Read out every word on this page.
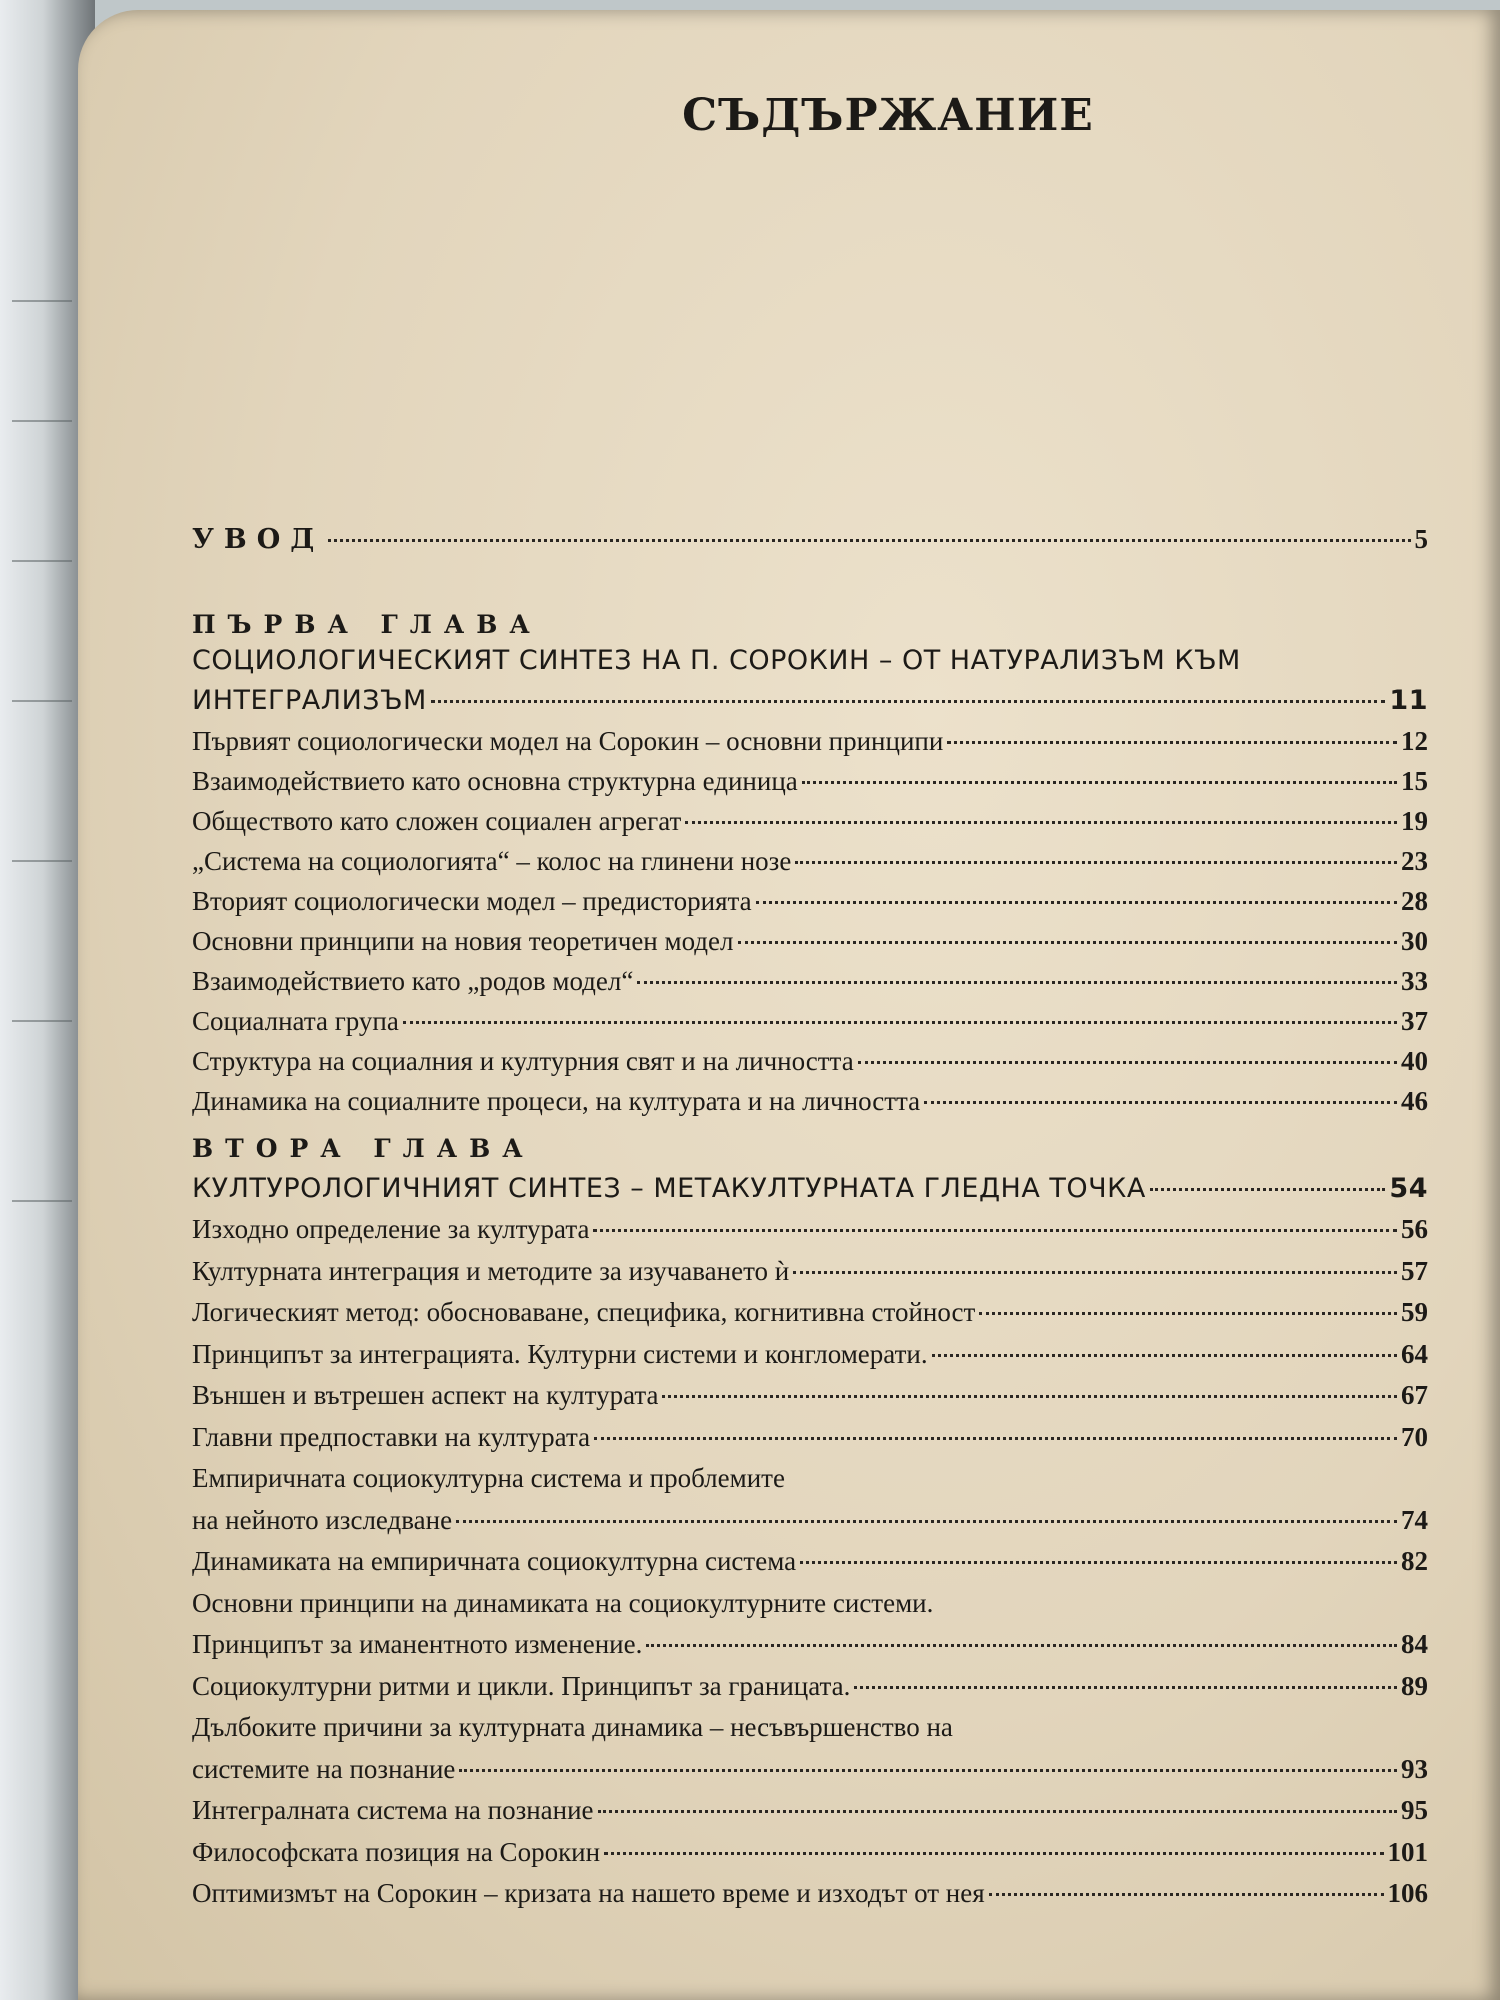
СЪДЪРЖАНИЕ
УВОД	5
ПЪРВА ГЛАВА
СОЦИОЛОГИЧЕСКИЯТ СИНТЕЗ НА П. СОРОКИН – ОТ НАТУРАЛИЗЪМ КЪМ
ИНТЕГРАЛИЗЪМ	11
Първият социологически модел на Сорокин – основни принципи	12
Взаимодействието като основна структурна единица	15
Обществото като сложен социален агрегат	19
„Система на социологията“ – колос на глинени нозе	23
Вторият социологически модел – предисторията	28
Основни принципи на новия теоретичен модел	30
Взаимодействието като „родов модел“	33
Социалната група	37
Структура на социалния и културния свят и на личността	40
Динамика на социалните процеси, на културата и на личността	46
ВТОРА ГЛАВА
КУЛТУРОЛОГИЧНИЯТ СИНТЕЗ – МЕТАКУЛТУРНАТА ГЛЕДНА ТОЧКА	54
Изходно определение за културата	56
Културната интеграция и методите за изучаването ѝ	57
Логическият метод: обосноваване, специфика, когнитивна стойност	59
Принципът за интеграцията. Културни системи и конгломерати.	64
Външен и вътрешен аспект на културата	67
Главни предпоставки на културата	70
Емпиричната социокултурна система и проблемите
на нейното изследване	74
Динамиката на емпиричната социокултурна система	82
Основни принципи на динамиката на социокултурните системи.
Принципът за иманентното изменение.	84
Социокултурни ритми и цикли. Принципът за границата.	89
Дълбоките причини за културната динамика – несъвършенство на
системите на познание	93
Интегралната система на познание	95
Философската позиция на Сорокин	101
Оптимизмът на Сорокин – кризата на нашето време и изходът от нея	106
